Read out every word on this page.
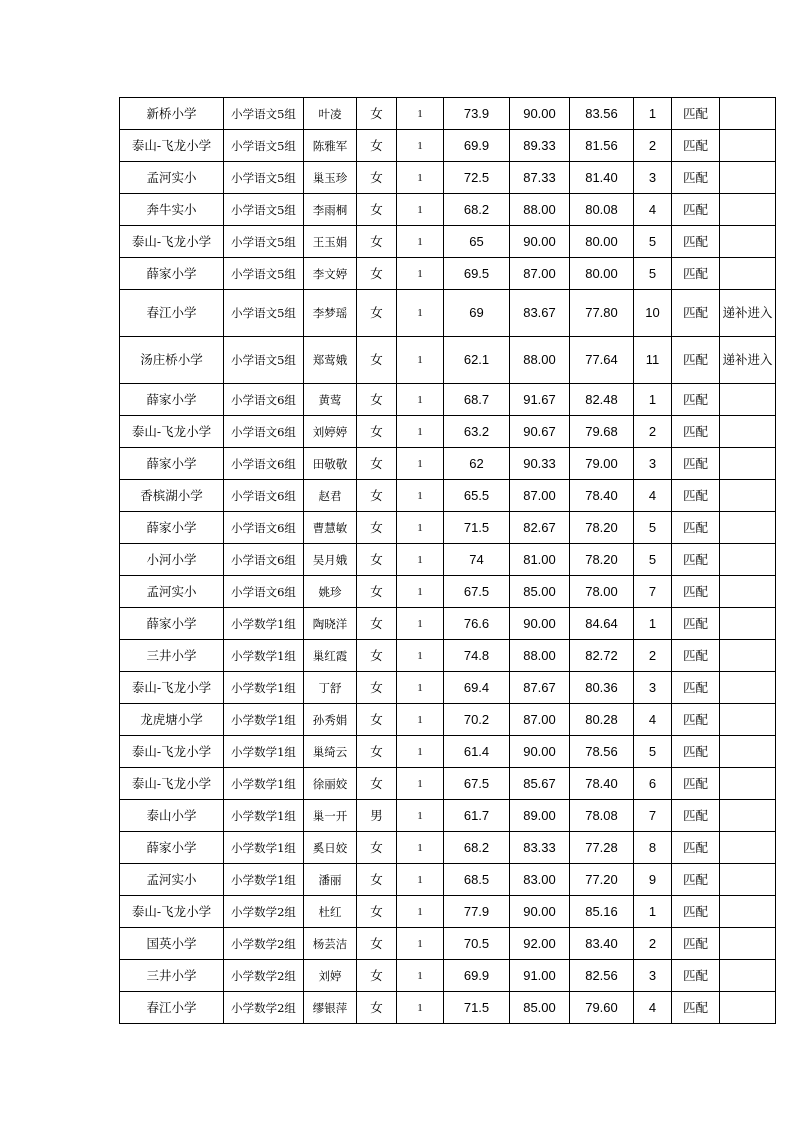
新桥小学	小学语文5组	叶凌	女	1	73.9	90.00	83.56	1	匹配	
泰山-飞龙小学	小学语文5组	陈雅军	女	1	69.9	89.33	81.56	2	匹配	
孟河实小	小学语文5组	巢玉珍	女	1	72.5	87.33	81.40	3	匹配	
奔牛实小	小学语文5组	李雨桐	女	1	68.2	88.00	80.08	4	匹配	
泰山-飞龙小学	小学语文5组	王玉娟	女	1	65	90.00	80.00	5	匹配	
薛家小学	小学语文5组	李文婷	女	1	69.5	87.00	80.00	5	匹配	
春江小学	小学语文5组	李梦瑶	女	1	69	83.67	77.80	10	匹配	递补进入
汤庄桥小学	小学语文5组	郑莺娥	女	1	62.1	88.00	77.64	11	匹配	递补进入
薛家小学	小学语文6组	黄莺	女	1	68.7	91.67	82.48	1	匹配	
泰山-飞龙小学	小学语文6组	刘婷婷	女	1	63.2	90.67	79.68	2	匹配	
薛家小学	小学语文6组	田敬敬	女	1	62	90.33	79.00	3	匹配	
香槟湖小学	小学语文6组	赵君	女	1	65.5	87.00	78.40	4	匹配	
薛家小学	小学语文6组	曹慧敏	女	1	71.5	82.67	78.20	5	匹配	
小河小学	小学语文6组	吴月娥	女	1	74	81.00	78.20	5	匹配	
孟河实小	小学语文6组	姚珍	女	1	67.5	85.00	78.00	7	匹配	
薛家小学	小学数学1组	陶晓洋	女	1	76.6	90.00	84.64	1	匹配	
三井小学	小学数学1组	巢红霞	女	1	74.8	88.00	82.72	2	匹配	
泰山-飞龙小学	小学数学1组	丁舒	女	1	69.4	87.67	80.36	3	匹配	
龙虎塘小学	小学数学1组	孙秀娟	女	1	70.2	87.00	80.28	4	匹配	
泰山-飞龙小学	小学数学1组	巢绮云	女	1	61.4	90.00	78.56	5	匹配	
泰山-飞龙小学	小学数学1组	徐丽姣	女	1	67.5	85.67	78.40	6	匹配	
泰山小学	小学数学1组	巢一开	男	1	61.7	89.00	78.08	7	匹配	
薛家小学	小学数学1组	奚日姣	女	1	68.2	83.33	77.28	8	匹配	
孟河实小	小学数学1组	潘丽	女	1	68.5	83.00	77.20	9	匹配	
泰山-飞龙小学	小学数学2组	杜红	女	1	77.9	90.00	85.16	1	匹配	
国英小学	小学数学2组	杨芸洁	女	1	70.5	92.00	83.40	2	匹配	
三井小学	小学数学2组	刘婷	女	1	69.9	91.00	82.56	3	匹配	
春江小学	小学数学2组	缪银萍	女	1	71.5	85.00	79.60	4	匹配	
